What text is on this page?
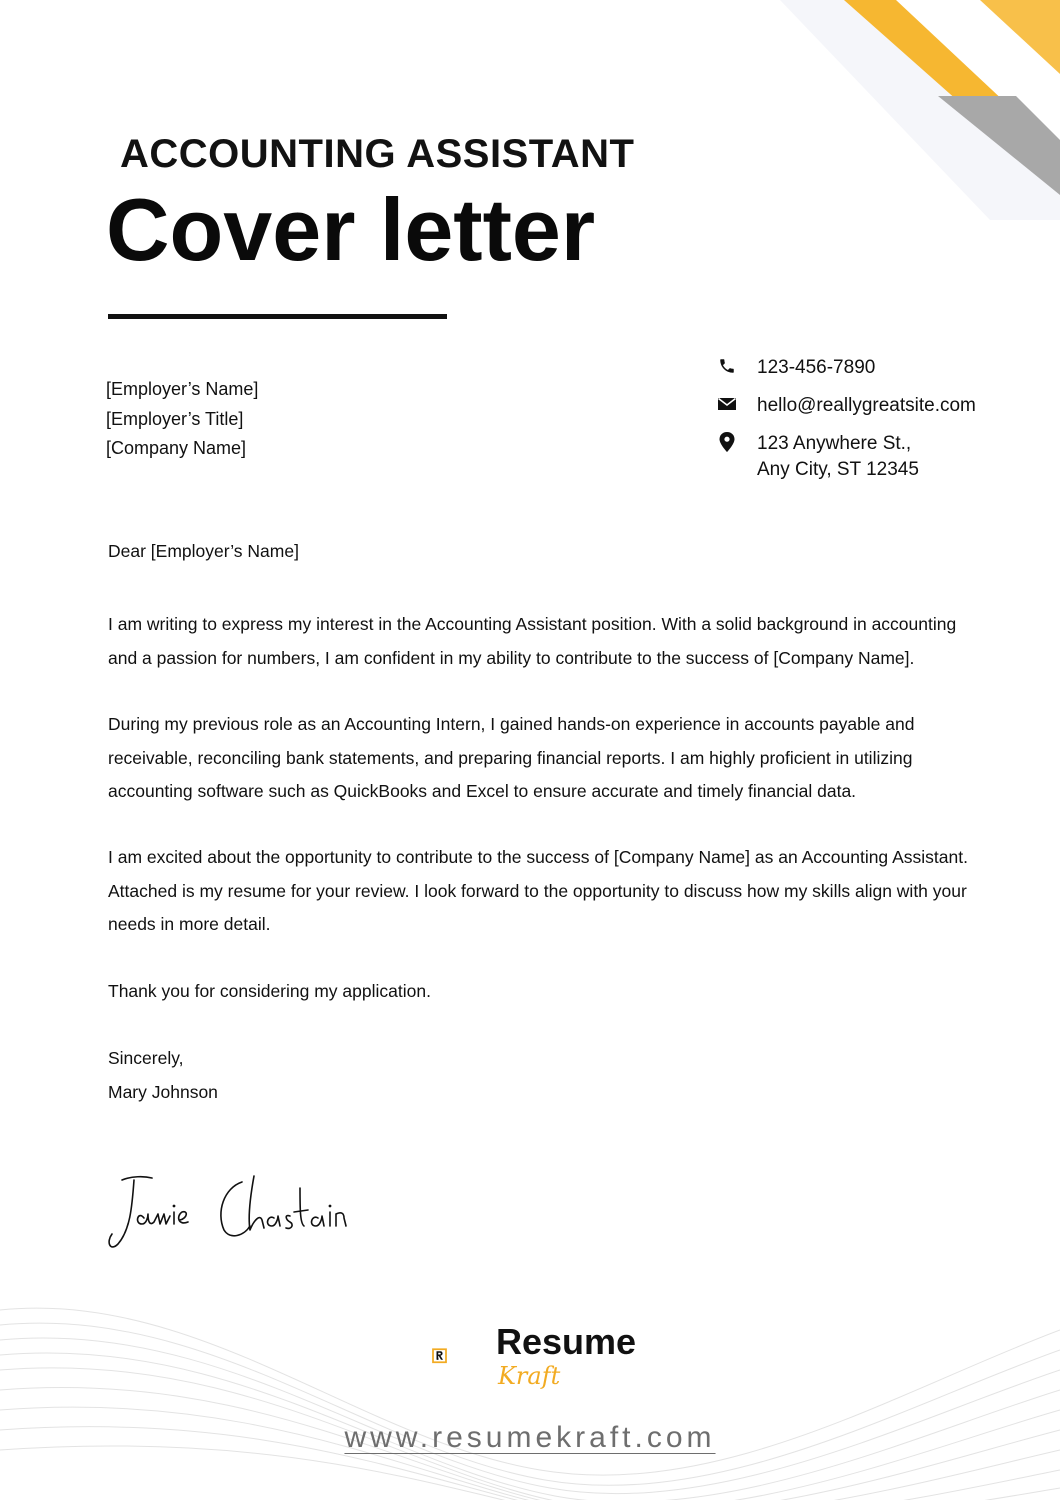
ACCOUNTING ASSISTANT
Cover letter
[Employer’s Name]
[Employer’s Title]
[Company Name]
123-456-7890
hello@reallygreatsite.com
123 Anywhere St.,
Any City, ST 12345

Dear [Employer’s Name]

I am writing to express my interest in the Accounting Assistant position. With a solid background in accounting and a passion for numbers, I am confident in my ability to contribute to the success of [Company Name].

During my previous role as an Accounting Intern, I gained hands-on experience in accounts payable and receivable, reconciling bank statements, and preparing financial reports. I am highly proficient in utilizing accounting software such as QuickBooks and Excel to ensure accurate and timely financial data.

I am excited about the opportunity to contribute to the success of [Company Name] as an Accounting Assistant. Attached is my resume for your review. I look forward to the opportunity to discuss how my skills align with your needs in more detail.

Thank you for considering my application.

Sincerely,
Mary Johnson
Resume
Kraft
www.resumekraft.com
